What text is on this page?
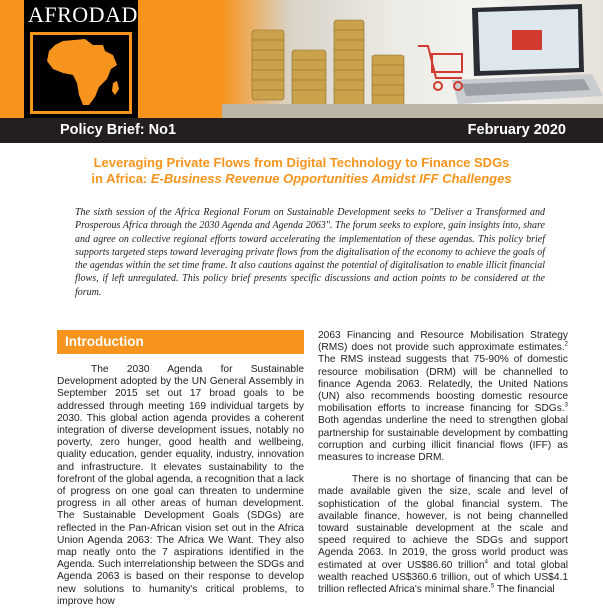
AFRODAD
Policy Brief: No1	February 2020
Leveraging Private Flows from Digital Technology to Finance SDGs
in Africa: E-Business Revenue Opportunities Amidst IFF Challenges
The sixth session of the Africa Regional Forum on Sustainable Development seeks to "Deliver a Transformed and Prosperous Africa through the 2030 Agenda and Agenda 2063". The forum seeks to explore, gain insights into, share and agree on collective regional efforts toward accelerating the implementation of these agendas. This policy brief supports targeted steps toward leveraging private flows from the digitalisation of the economy to achieve the goals of the agendas within the set time frame. It also cautions against the potential of digitalisation to enable illicit financial flows, if left unregulated. This policy brief presents specific discussions and action points to be considered at the forum.
Introduction

The 2030 Agenda for Sustainable Development adopted by the UN General Assembly in September 2015 set out 17 broad goals to be addressed through meeting 169 individual targets by 2030. This global action agenda provides a coherent integration of diverse development issues, notably no poverty, zero hunger, good health and wellbeing, quality education, gender equality, industry, innovation and infrastructure. It elevates sustainability to the forefront of the global agenda, a recognition that a lack of progress on one goal can threaten to undermine progress in all other areas of human development. The Sustainable Development Goals (SDGs) are reflected in the Pan-African vision set out in the Africa Union Agenda 2063: The Africa We Want. They also map neatly onto the 7 aspirations identified in the Agenda. Such interrelationship between the SDGs and Agenda 2063 is based on their response to develop new solutions to humanity's critical problems, to improve how

2063 Financing and Resource Mobilisation Strategy (RMS) does not provide such approximate estimates.$^2$ The RMS instead suggests that 75-90% of domestic resource mobilisation (DRM) will be channelled to finance Agenda 2063. Relatedly, the United Nations (UN) also recommends boosting domestic resource mobilisation efforts to increase financing for SDGs.$^3$ Both agendas underline the need to strengthen global partnership for sustainable development by combatting corruption and curbing illicit financial flows (IFF) as measures to increase DRM.

There is no shortage of financing that can be made available given the size, scale and level of sophistication of the global financial system. The available finance, however, is not being channelled toward sustainable development at the scale and speed required to achieve the SDGs and support Agenda 2063. In 2019, the gross world product was estimated at over US$86.60 trillion$^4$ and total global wealth reached US$360.6 trillion, out of which US$4.1 trillion reflected Africa's minimal share.$^5$ The financial
